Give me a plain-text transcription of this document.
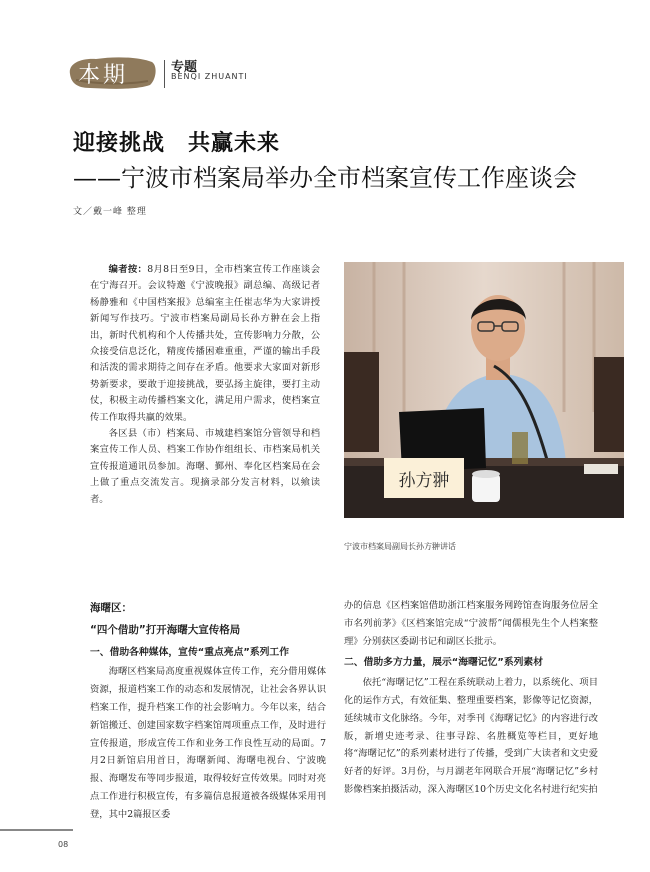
本期	专题
BENQI ZHUANTI
迎接挑战　共赢未来
——宁波市档案局举办全市档案宣传工作座谈会
文／戴一峰 整理

编者按：8月8日至9日，全市档案宣传工作座谈会在宁海召开。会议特邀《宁波晚报》副总编、高级记者杨静雅和《中国档案报》总编室主任崔志华为大家讲授新闻写作技巧。宁波市档案局副局长孙方翀在会上指出，新时代机构和个人传播共处，宣传影响力分散，公众接受信息泛化，精度传播困难重重，严谨的输出手段和活泼的需求期待之间存在矛盾。他要求大家面对新形势新要求，要敢于迎接挑战，要弘扬主旋律，要打主动仗，积极主动传播档案文化，满足用户需求，使档案宣传工作取得共赢的效果。

各区县（市）档案局、市城建档案馆分管领导和档案宣传工作人员、档案工作协作组组长、市档案局机关宣传报道通讯员参加。海曙、鄞州、奉化区档案局在会上做了重点交流发言。现摘录部分发言材料，以飨读者。

孙方翀
宁波市档案局副局长孙方翀讲话
海曙区：
“四个借助”打开海曙大宣传格局
一、借助各种媒体，宣传“重点亮点”系列工作

海曙区档案局高度重视媒体宣传工作，充分借用媒体资源，报道档案工作的动态和发展情况，让社会各界认识档案工作，提升档案工作的社会影响力。今年以来，结合新馆搬迁、创建国家数字档案馆周项重点工作，及时进行宣传报道，形成宣传工作和业务工作良性互动的局面。7月2日新馆启用首日，海曙新闻、海曙电视台、宁波晚报、海曙发布等同步报道，取得较好宣传效果。同时对亮点工作进行积极宣传，有多篇信息报道被各级媒体采用刊登，其中2篇报区委

办的信息《区档案馆借助浙江档案服务网跨馆查询服务位居全市名列前茅》《区档案馆完成“宁波帮”闻儒根先生个人档案整理》分别获区委副书记和副区长批示。

二、借助多方力量，展示“海曙记忆”系列素材

依托“海曙记忆”工程在系统联动上着力，以系统化、项目化的运作方式，有效征集、整理重要档案，影像等记忆资源，延续城市文化脉络。今年，对季刊《海曙记忆》的内容进行改版，新增史迹考录、往事寻踪、名胜概览等栏目，更好地将“海曙记忆”的系列素材进行了传播，受到广大读者和文史爱好者的好评。3月份，与月湖老年网联合开展“海曙记忆”乡村影像档案拍摄活动，深入海曙区10个历史文化名村进行纪实拍

08
